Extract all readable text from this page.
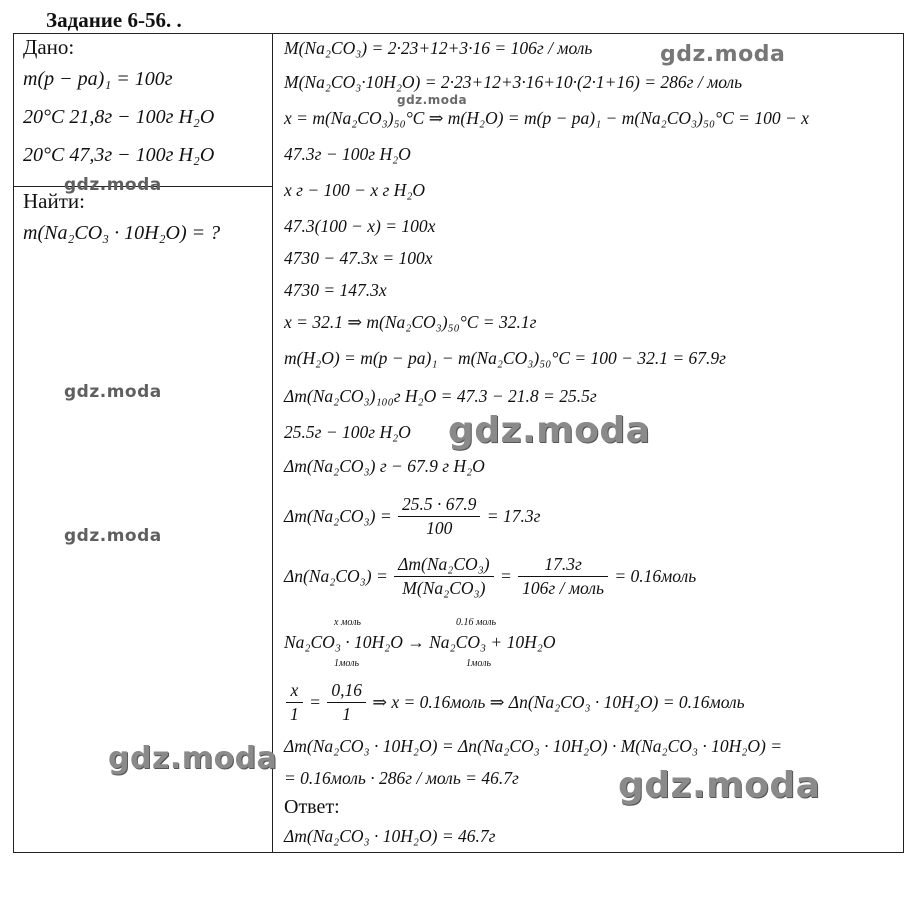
Задание 6-56. .
Дано:
m(p − pa)₁ = 100г
20°C 21,8г − 100г H₂O
20°C 47,3г − 100г H₂O
Найти:
m(Na₂CO₃ · 10H₂O) = ?
M(Na₂CO₃) = 2·23+12+3·16 = 106г / моль
M(Na₂CO₃·10H₂O) = 2·23+12+3·16+10·(2·1+16) = 286г / моль
x = m(Na₂CO₃)₅₀°C ⇒ m(H₂O) = m(p − pa)₁ − m(Na₂CO₃)₅₀°C = 100 − x
47.3г − 100г H₂O
x г − 100 − x г H₂O
47.3(100 − x) = 100x
4730 − 47.3x = 100x
4730 = 147.3x
x = 32.1 ⇒ m(Na₂CO₃)₅₀°C = 32.1г
m(H₂O) = m(p − pa)₁ − m(Na₂CO₃)₅₀°C = 100 − 32.1 = 67.9г
Δm(Na₂CO₃)₁₀₀г H₂O = 47.3 − 21.8 = 25.5г
25.5г − 100г H₂O
Δm(Na₂CO₃) г − 67.9 г H₂O
$\Delta m(Na_2CO_3) = \frac{25.5 \cdot 67.9}{100} = 17.3г$
$\Delta n(Na_2CO_3) = \frac{\text{Δm(Na₂CO₃)}}{\text{M(Na₂CO₃)}} = \frac{17.3г}{\text{106г / моль}}$ = 0.16моль
x моль	0.16 моль
Na₂CO₃ · 10H₂O → Na₂CO₃ + 10H₂O
1моль	1моль
$\frac{x}{1} = \frac{0,16}{1}$ ⇒ x = 0.16моль ⇒ Δn(Na₂CO₃ · 10H₂O) = 0.16моль
Δm(Na₂CO₃ · 10H₂O) = Δn(Na₂CO₃ · 10H₂O) · M(Na₂CO₃ · 10H₂O) =
= 0.16моль · 286г / моль = 46.7г
Ответ:
Δm(Na₂CO₃ · 10H₂O) = 46.7г
gdz.moda
gdz.moda
gdz.moda
gdz.moda
gdz.moda
gdz.moda
gdz.moda
gdz.moda
